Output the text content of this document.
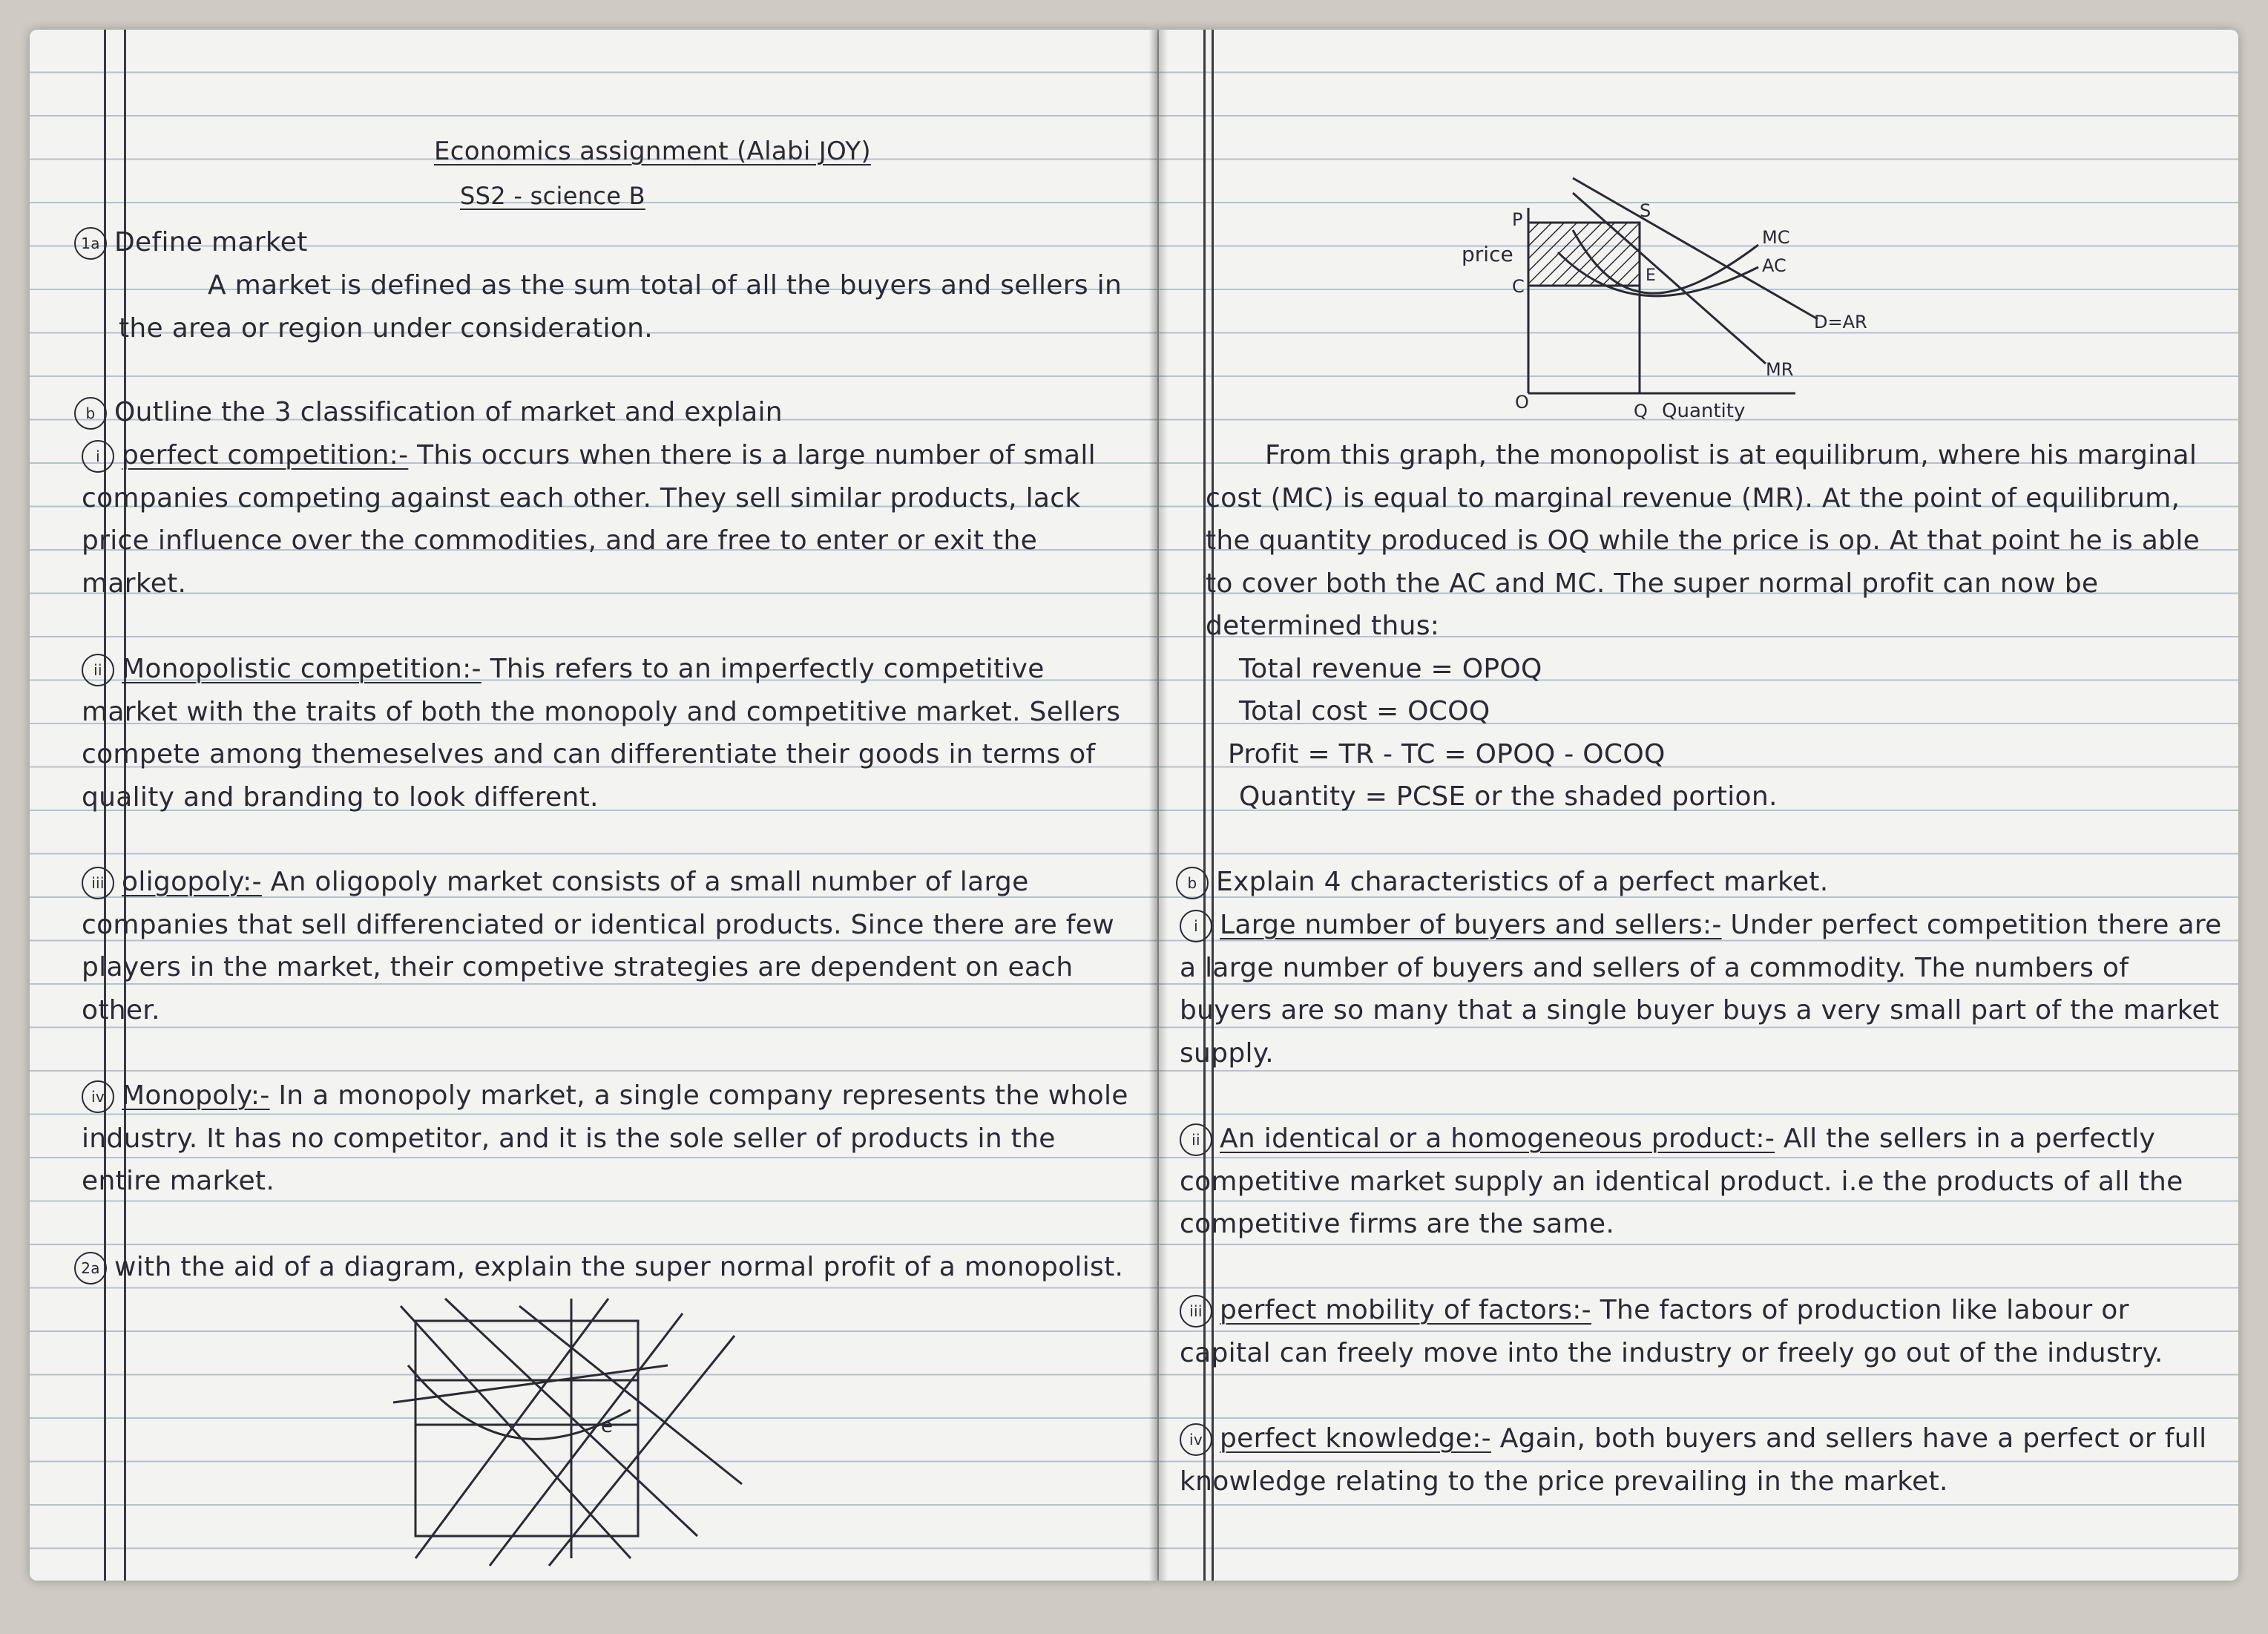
Economics assignment (Alabi JOY)

SS2 - science B

1a Define market

A market is defined as the sum total of all the buyers and sellers in the area or region under consideration.

b Outline the 3 classification of market and explain

i perfect competition:- This occurs when there is a large number of small companies competing against each other. They sell similar products, lack price influence over the commodities, and are free to enter or exit the market.

ii Monopolistic competition:- This refers to an imperfectly competitive market with the traits of both the monopoly and competitive market. Sellers compete among themeselves and can differentiate their goods in terms of quality and branding to look different.

iii oligopoly:- An oligopoly market consists of a small number of large companies that sell differenciated or identical products. Since there are few players in the market, their competive strategies are dependent on each other.

iv Monopoly:- In a monopoly market, a single company represents the whole industry. It has no competitor, and it is the sole seller of products in the entire market.

2a with the aid of a diagram, explain the super normal profit of a monopolist.

e
price
P
C
S
E
O	Q Quantity
MC
AC
D=AR
MR

From this graph, the monopolist is at equilibrum, where his marginal cost (MC) is equal to marginal revenue (MR). At the point of equilibrum, the quantity produced is OQ while the price is op. At that point he is able to cover both the AC and MC. The super normal profit can now be determined thus:

Total revenue = OPOQ

Total cost = OCOQ

Profit = TR - TC = OPOQ - OCOQ

Quantity = PCSE or the shaded portion.

b Explain 4 characteristics of a perfect market.

i Large number of buyers and sellers:- Under perfect competition there are a large number of buyers and sellers of a commodity. The numbers of buyers are so many that a single buyer buys a very small part of the market supply.

ii An identical or a homogeneous product:- All the sellers in a perfectly competitive market supply an identical product. i.e the products of all the competitive firms are the same.

iii perfect mobility of factors:- The factors of production like labour or capital can freely move into the industry or freely go out of the industry.

iv perfect knowledge:- Again, both buyers and sellers have a perfect or full knowledge relating to the price prevailing in the market.
